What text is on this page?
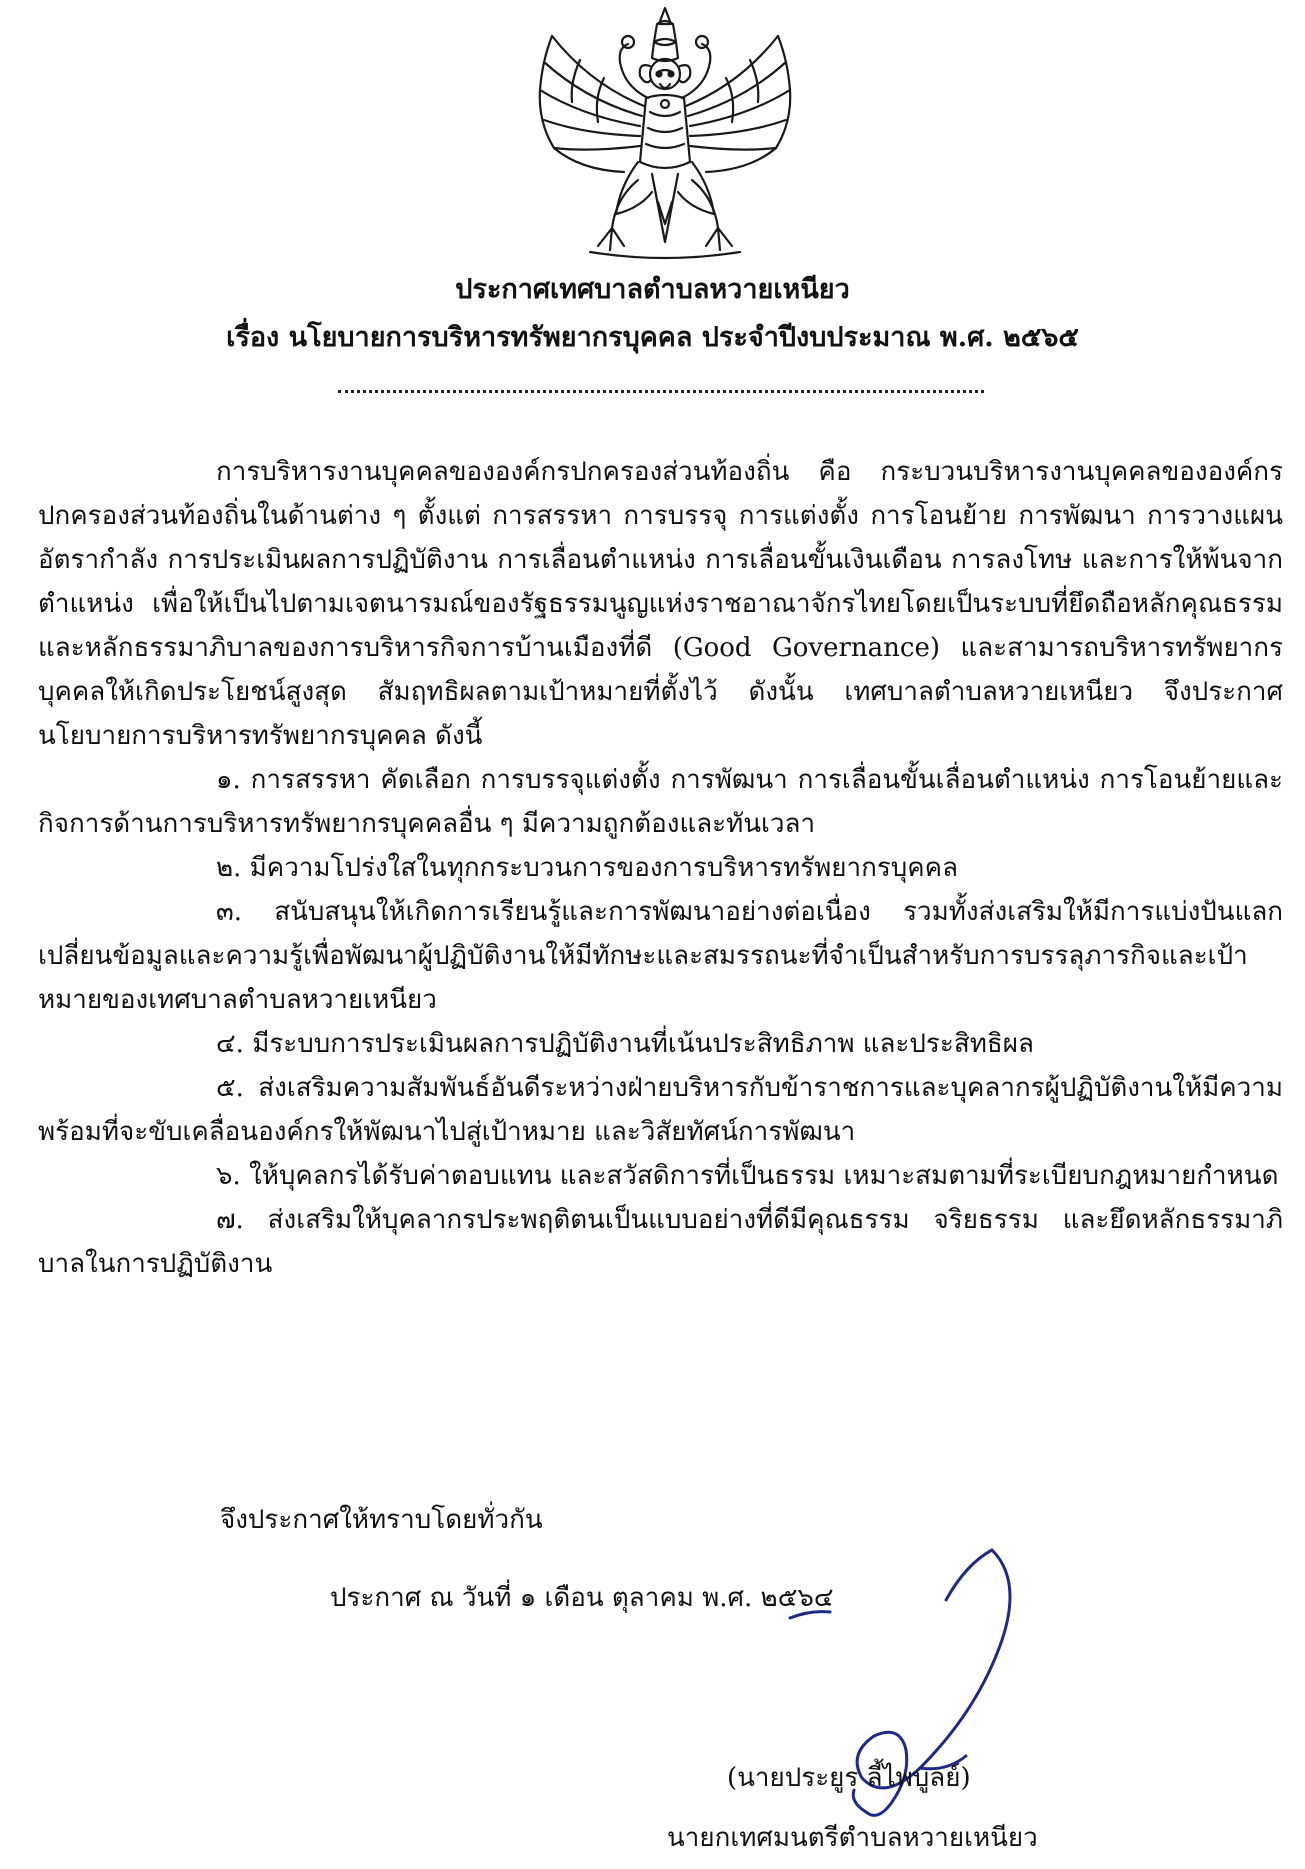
ประกาศเทศบาลตำบลหวายเหนียว
เรื่อง นโยบายการบริหารทรัพยากรบุคคล ประจำปีงบประมาณ พ.ศ. ๒๕๖๕

การบริหารงานบุคคลขององค์กรปกครองส่วนท้องถิ่น คือ กระบวนบริหารงานบุคคลขององค์กรปกครองส่วนท้องถิ่นในด้านต่าง ๆ ตั้งแต่ การสรรหา การบรรจุ การแต่งตั้ง การโอนย้าย การพัฒนา การวางแผนอัตรากำลัง การประเมินผลการปฏิบัติงาน การเลื่อนตำแหน่ง การเลื่อนขั้นเงินเดือน การลงโทษ และการให้พ้นจากตำแหน่ง เพื่อให้เป็นไปตามเจตนารมณ์ของรัฐธรรมนูญแห่งราชอาณาจักรไทยโดยเป็นระบบที่ยึดถือหลักคุณธรรมและหลักธรรมาภิบาลของการบริหารกิจการบ้านเมืองที่ดี (Good Governance) และสามารถบริหารทรัพยากรบุคคลให้เกิดประโยชน์สูงสุด สัมฤทธิผลตามเป้าหมายที่ตั้งไว้ ดังนั้น เทศบาลตำบลหวายเหนียว จึงประกาศนโยบายการบริหารทรัพยากรบุคคล ดังนี้

๑. การสรรหา คัดเลือก การบรรจุแต่งตั้ง การพัฒนา การเลื่อนขั้นเลื่อนตำแหน่ง การโอนย้ายและกิจการด้านการบริหารทรัพยากรบุคคลอื่น ๆ มีความถูกต้องและทันเวลา

๒. มีความโปร่งใสในทุกกระบวนการของการบริหารทรัพยากรบุคคล

๓. สนับสนุนให้เกิดการเรียนรู้และการพัฒนาอย่างต่อเนื่อง รวมทั้งส่งเสริมให้มีการแบ่งปันแลกเปลี่ยนข้อมูลและความรู้เพื่อพัฒนาผู้ปฏิบัติงานให้มีทักษะและสมรรถนะที่จำเป็นสำหรับการบรรลุภารกิจและเป้าหมายของเทศบาลตำบลหวายเหนียว

๔. มีระบบการประเมินผลการปฏิบัติงานที่เน้นประสิทธิภาพ และประสิทธิผล

๕. ส่งเสริมความสัมพันธ์อันดีระหว่างฝ่ายบริหารกับข้าราชการและบุคลากรผู้ปฏิบัติงานให้มีความพร้อมที่จะขับเคลื่อนองค์กรให้พัฒนาไปสู่เป้าหมาย และวิสัยทัศน์การพัฒนา

๖. ให้บุคลกรได้รับค่าตอบแทน และสวัสดิการที่เป็นธรรม เหมาะสมตามที่ระเบียบกฎหมายกำหนด

๗. ส่งเสริมให้บุคลากรประพฤติตนเป็นแบบอย่างที่ดีมีคุณธรรม จริยธรรม และยึดหลักธรรมาภิบาลในการปฏิบัติงาน

จึงประกาศให้ทราบโดยทั่วกัน
ประกาศ ณ วันที่ ๑ เดือน ตุลาคม พ.ศ. ๒๕๖๔
(นายประยูร ลี้ไพบูลย์)
นายกเทศมนตรีตำบลหวายเหนียว
